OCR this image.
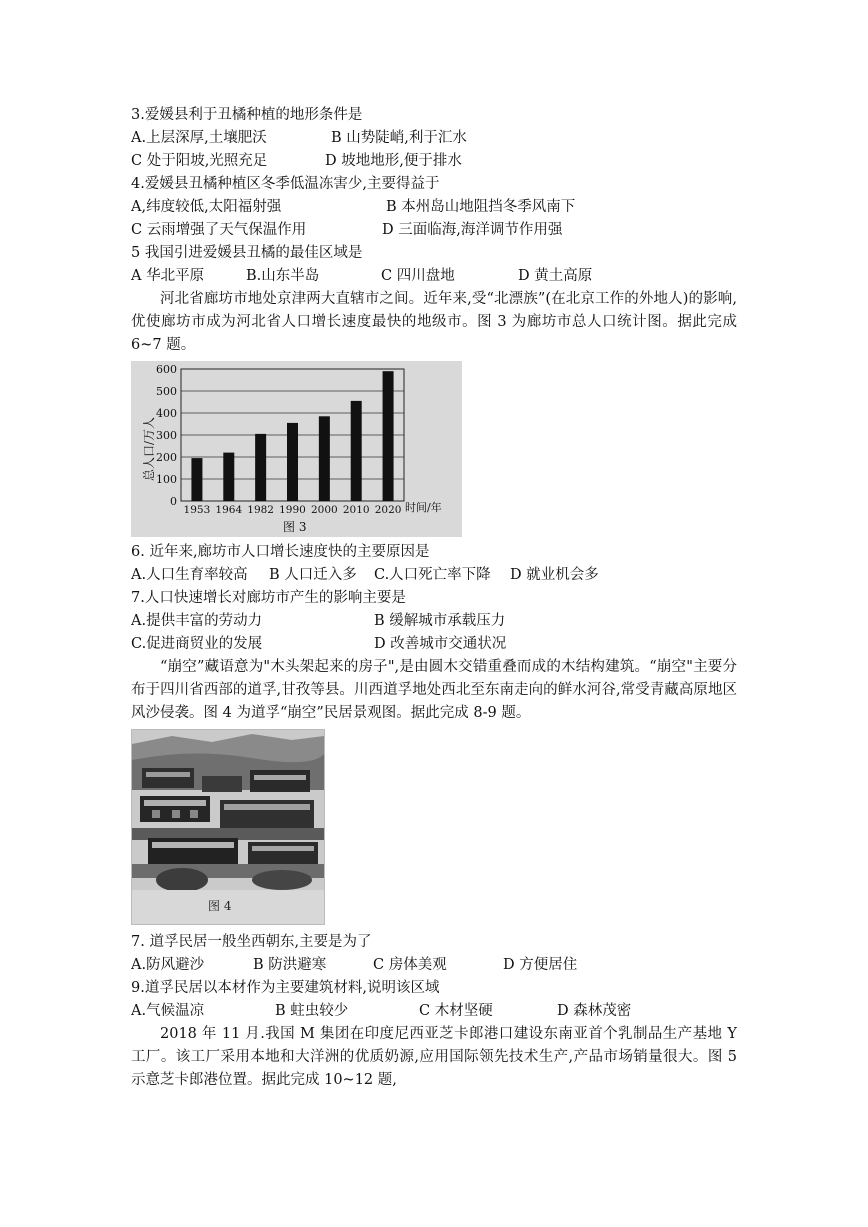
3.爱媛县利于丑橘种植的地形条件是
A.上层深厚,土壤肥沃	B 山势陡峭,利于汇水
C 处于阳坡,光照充足	D 坡地地形,便于排水
4.爱媛县丑橘种植区冬季低温冻害少,主要得益于
A,纬度较低,太阳福射强	B 本州岛山地阻挡冬季风南下
C 云雨增强了天气保温作用	D 三面临海,海洋调节作用强
5 我国引进爱媛县丑橘的最佳区域是
A 华北平原	B.山东半岛	C 四川盘地	D 黄土高原
河北省廊坊市地处京津两大直辖市之间。近年来,受“北漂族”(在北京工作的外地人)的影响,优使廊坊市成为河北省人口增长速度最快的地级市。图 3 为廊坊市总人口统计图。据此完成 6~7 题。
总人口/万人
时间/年
图 3
0
100
200
300
400
500
600
1953 1964 1982 1990 2000 2010 2020
6. 近年来,廊坊市人口增长速度快的主要原因是
A.人口生育率较高	B 人口迁入多	C.人口死亡率下降	D 就业机会多
7.人口快速增长对廊坊市产生的影响主要是
A.提供丰富的劳动力	B 缓解城市承载压力
C.促进商贸业的发展	D 改善城市交通状况
“崩空”藏语意为"木头架起来的房子",是由圆木交错重叠而成的木结构建筑。“崩空"主要分布于四川省西部的道孚,甘孜等县。川西道孚地处西北至东南走向的鲜水河谷,常受青藏高原地区风沙侵袭。图 4 为道孚“崩空”民居景观图。据此完成 8-9 题。
图 4
7. 道孚民居一般坐西朝东,主要是为了
A.防风避沙	B 防洪避寒	C 房体美观	D 方便居住
9.道孚民居以本材作为主要建筑材料,说明该区域
A.气候温凉	B 蛀虫较少	C 木材坚硬	D 森林茂密
2018 年 11 月.我国 M 集团在印度尼西亚芝卡郎港口建设东南亚首个乳制品生产基地 Y 工厂。该工厂采用本地和大洋洲的优质奶源,应用国际领先技术生产,产品市场销量很大。图 5 示意芝卡郎港位置。据此完成 10~12 题,
